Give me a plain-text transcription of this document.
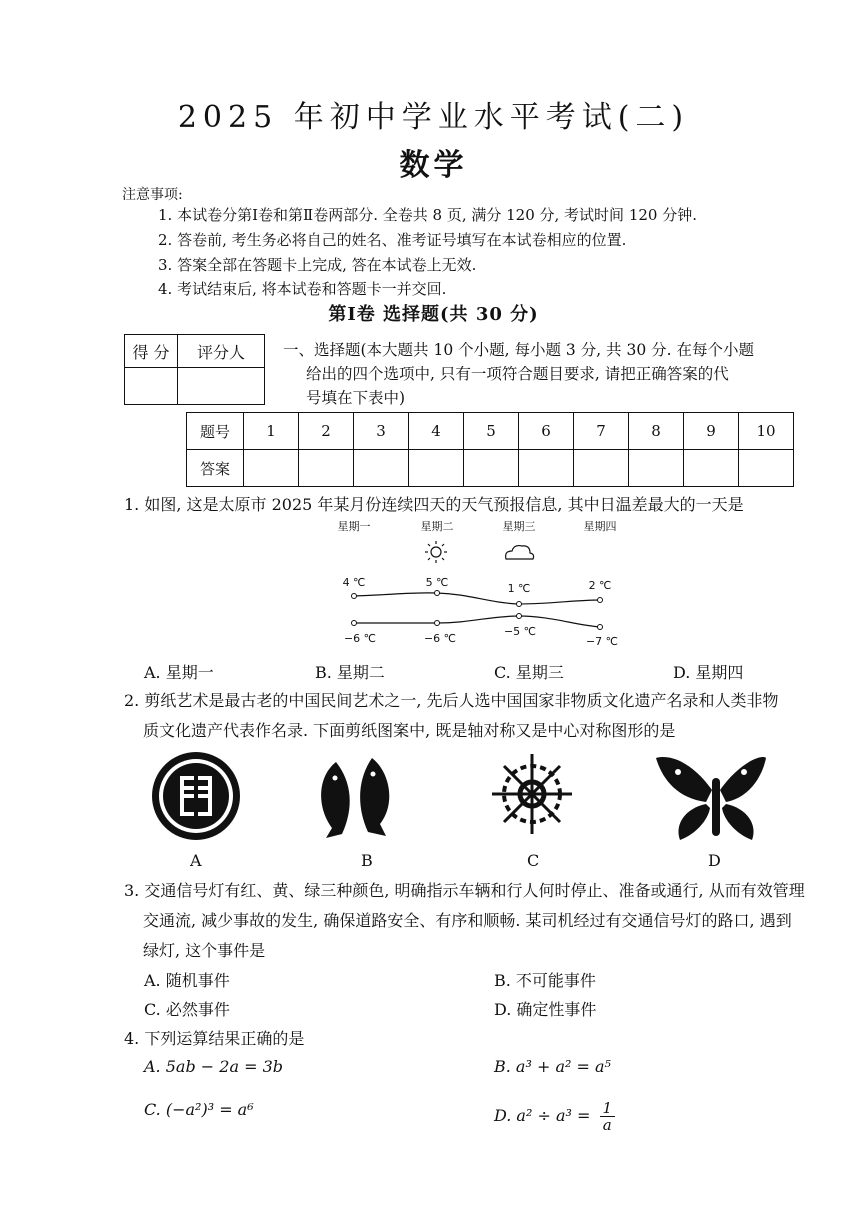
2025 年初中学业水平考试(二)
数学
注意事项:
1. 本试卷分第Ⅰ卷和第Ⅱ卷两部分. 全卷共 8 页, 满分 120 分, 考试时间 120 分钟.
2. 答卷前, 考生务必将自己的姓名、准考证号填写在本试卷相应的位置.
3. 答案全部在答题卡上完成, 答在本试卷上无效.
4. 考试结束后, 将本试卷和答题卡一并交回.
第Ⅰ卷 选择题(共 30 分)
得 分	评分人
	一、选择题(本大题共 10 个小题, 每小题 3 分, 共 30 分. 在每个小题
给出的四个选项中, 只有一项符合题目要求, 请把正确答案的代
号填在下表中)
题号	1	2	3	4	5	6	7	8	9	10
答案										
1. 如图, 这是太原市 2025 年某月份连续四天的天气预报信息, 其中日温差最大的一天是
星期一	星期二	星期三	星期四
4 ℃	5 ℃	1 ℃	2 ℃
−6 ℃	−6 ℃
−5 ℃
−7 ℃
A. 星期一	B. 星期二	C. 星期三	D. 星期四
2. 剪纸艺术是最古老的中国民间艺术之一, 先后人选中国国家非物质文化遗产名录和人类非物
质文化遗产代表作名录. 下面剪纸图案中, 既是轴对称又是中心对称图形的是
A	B	C	D
3. 交通信号灯有红、黄、绿三种颜色, 明确指示车辆和行人何时停止、准备或通行, 从而有效管理
交通流, 减少事故的发生, 确保道路安全、有序和顺畅. 某司机经过有交通信号灯的路口, 遇到
绿灯, 这个事件是
A. 随机事件	B. 不可能事件
C. 必然事件	D. 确定性事件
4. 下列运算结果正确的是
A. 5ab − 2a = 3b	B. a³ + a² = a⁵
C. (−a²)³ = a⁶	D. $a^2 \div a^3 = \frac{1}{a}$
